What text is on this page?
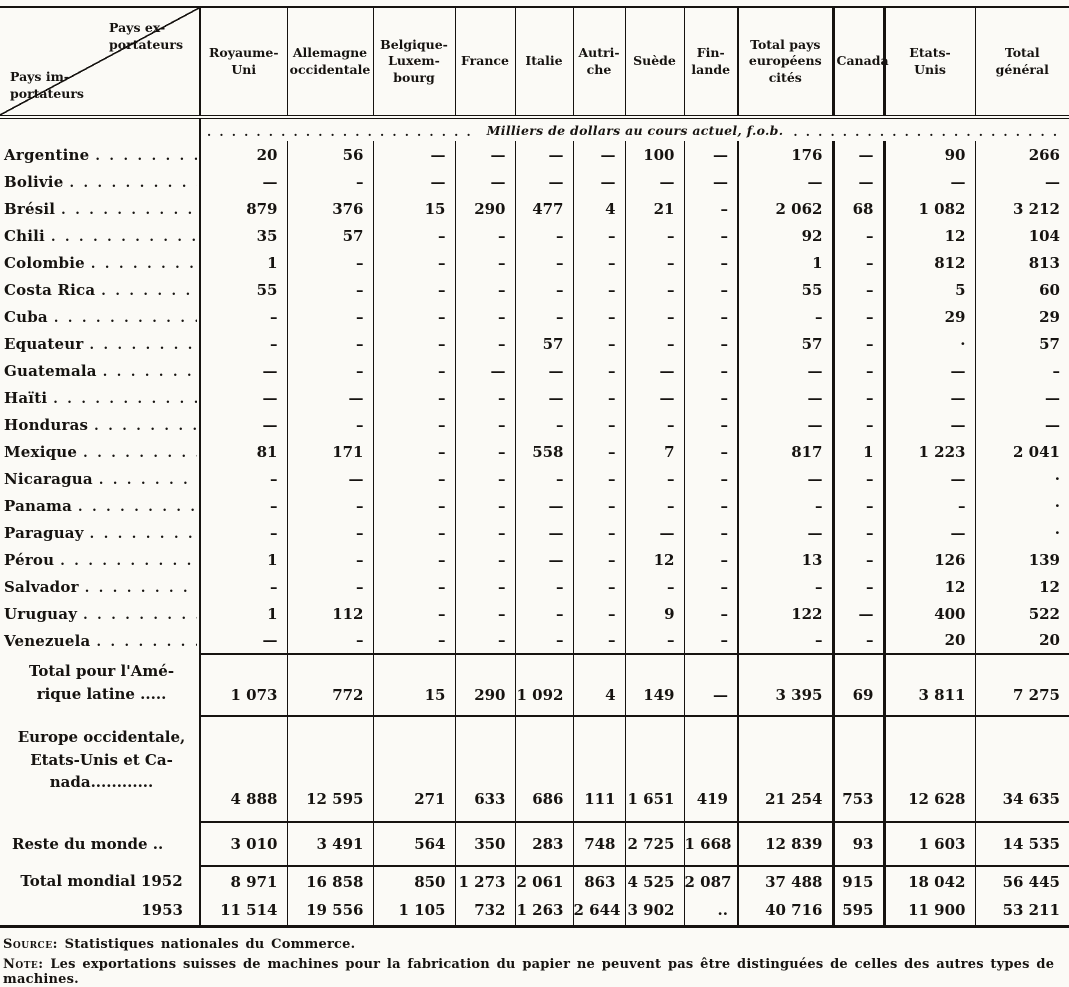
Pays ex-
portateurs
Pays im-
portateurs	Royaume-
Uni	Allemagne
occidentale	Belgique-
Luxem-
bourg	France	Italie	Autri-
che	Suède	Fin-
lande	Total pays
européens
cités	Canada	Etats-
Unis	Total
général

. . .
Milliers de dollars au cours actuel, f.o.b.
. . .

Argentine
. . .	20	56	—	—	—	—	100	—	176	—	90	266

Bolivie
. . .	—	–	—	—	—	—	—	—	—	—	—	—

Brésil
. . .	879	376	15	290	477	4	21	–	2 062	68	1 082	3 212

Chili
. . .	35	57	–	–	–	–	–	–	92	–	12	104

Colombie
. . .	1	–	–	–	–	–	–	–	1	–	812	813

Costa Rica
. . .	55	–	–	–	–	–	–	–	55	–	5	60

Cuba
. . .	–	–	–	–	–	–	–	–	–	–	29	29

Equateur
. . .	–	–	–	–	57	–	–	–	57	–	·	57

Guatemala
. . .	—	–	–	—	—	–	—	–	—	–	—	–

Haïti
. . .	—	—	–	–	—	–	—	–	—	–	—	—

Honduras
. . .	—	–	–	–	–	–	–	–	—	–	—	—

Mexique
. . .	81	171	–	–	558	–	7	–	817	1	1 223	2 041

Nicaragua
. . .	–	—	–	–	–	–	–	–	—	–	—	·

Panama
. . .	–	–	–	–	—	–	–	–	–	–	–	·

Paraguay
. . .	–	–	–	–	—	–	—	–	—	–	—	·

Pérou
. . .	1	–	–	–	—	–	12	–	13	–	126	139

Salvador
. . .	–	–	–	–	–	–	–	–	–	–	12	12

Uruguay
. . .	1	112	–	–	–	–	9	–	122	—	400	522

Venezuela
. . .	—	–	–	–	–	–	–	–	–	–	20	20
Total pour l'Amé-
rique latine .....	1 073	772	15	290	1 092	4	149	—	3 395	69	3 811	7 275
Europe occidentale,
Etats-Unis et Ca-
nada............	4 888	12 595	271	633	686	111	1 651	419	21 254	753	12 628	34 635
Reste du monde ..	3 010	3 491	564	350	283	748	2 725	1 668	12 839	93	1 603	14 535
Total mondial 1952	8 971	16 858	850	1 273	2 061	863	4 525	2 087	37 488	915	18 042	56 445
1953	11 514	19 556	1 105	732	1 263	2 644	3 902	..	40 716	595	11 900	53 211
Source: Statistiques nationales du Commerce.
Note: Les exportations suisses de machines pour la fabrication du papier ne peuvent pas être distinguées de celles des autres types de machines.
